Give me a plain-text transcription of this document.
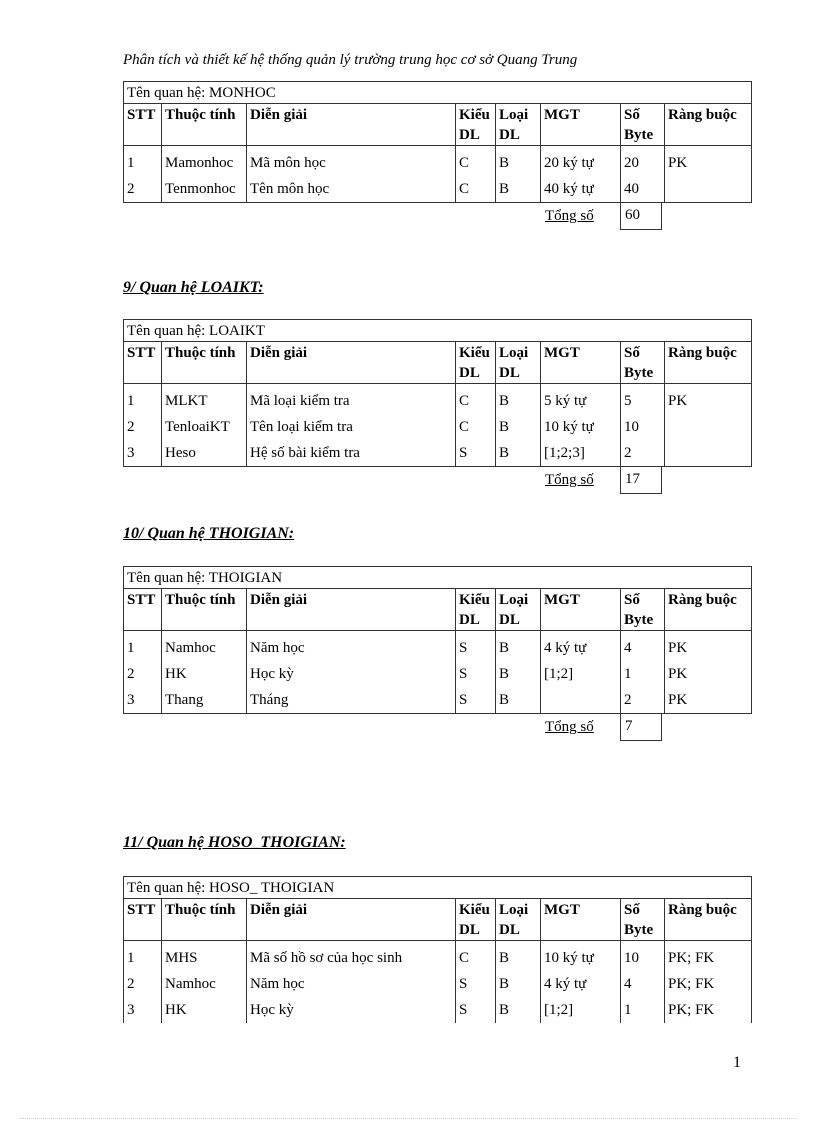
Phân tích và thiết kế hệ thống quản lý trường trung học cơ sở Quang Trung
9/ Quan hệ LOAIKT:
10/ Quan hệ THOIGIAN:
11/ Quan hệ HOSO_THOIGIAN:
Tên quan hệ: MONHOC							
STT	Thuộc tính	Diễn giải	Kiểu DL	Loại DL	MGT	Số Byte	Ràng buộc
1	Mamonhoc	Mã môn học	C	B	20 ký tự	20	PK
2	Tenmonhoc	Tên môn học	C	B	40 ký tự	40	
Tổng số	60
Tên quan hệ: LOAIKT							
STT	Thuộc tính	Diễn giải	Kiểu DL	Loại DL	MGT	Số Byte	Ràng buộc
1	MLKT	Mã loại kiểm tra	C	B	5 ký tự	5	PK
2	TenloaiKT	Tên loại kiểm tra	C	B	10 ký tự	10	
3	Heso	Hệ số bài kiểm tra	S	B	[1;2;3]	2	
Tổng số	17
Tên quan hệ: THOIGIAN							
STT	Thuộc tính	Diễn giải	Kiểu DL	Loại DL	MGT	Số Byte	Ràng buộc
1	Namhoc	Năm học	S	B	4 ký tự	4	PK
2	HK	Học kỳ	S	B	[1;2]	1	PK
3	Thang	Tháng	S	B		2	PK
Tổng số	7
Tên quan hệ: HOSO_ THOIGIAN							
STT	Thuộc tính	Diễn giải	Kiểu DL	Loại DL	MGT	Số Byte	Ràng buộc
1	MHS	Mã số hồ sơ của học sinh	C	B	10 ký tự	10	PK; FK
2	Namhoc	Năm học	S	B	4 ký tự	4	PK; FK
3	HK	Học kỳ	S	B	[1;2]	1	PK; FK
1
